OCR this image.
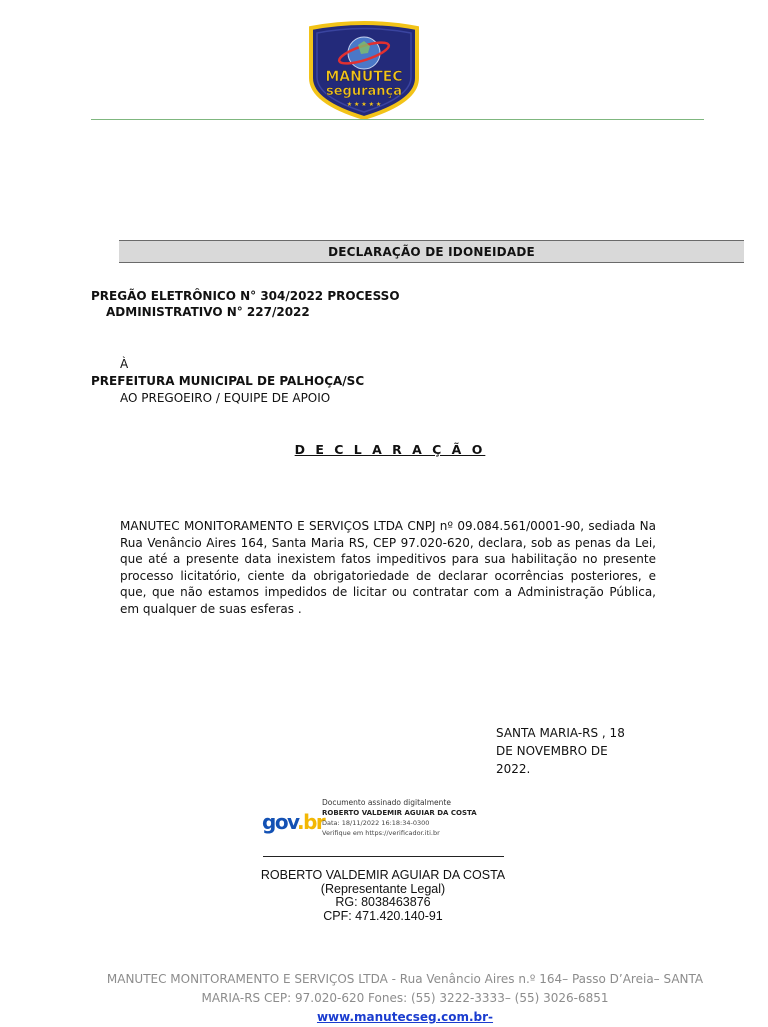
MANUTEC
segurança
★ ★ ★ ★ ★
DECLARAÇÃO DE IDONEIDADE
PREGÃO ELETRÔNICO N° 304/2022 PROCESSO
ADMINISTRATIVO N° 227/2022
À
PREFEITURA MUNICIPAL DE PALHOÇA/SC
AO PREGOEIRO / EQUIPE DE APOIO
D E C L A R A Ç Ã O
MANUTEC MONITORAMENTO E SERVIÇOS LTDA CNPJ nº 09.084.561/0001-90, sediada Na Rua Venâncio Aires 164, Santa Maria RS, CEP 97.020-620, declara, sob as penas da Lei, que até a presente data inexistem fatos impeditivos para sua habilitação no presente processo licitatório, ciente da obrigatoriedade de declarar ocorrências posteriores, e que, que não estamos impedidos de licitar ou contratar com a Administração Pública, em qualquer de suas esferas .
SANTA MARIA-RS , 18
DE NOVEMBRO DE
2022.
gov.br
Documento assinado digitalmente
ROBERTO VALDEMIR AGUIAR DA COSTA
Data: 18/11/2022 16:18:34-0300
Verifique em https://verificador.iti.br
ROBERTO VALDEMIR AGUIAR DA COSTA
(Representante Legal)
RG: 8038463876
CPF: 471.420.140-91
MANUTEC MONITORAMENTO E SERVIÇOS LTDA - Rua Venâncio Aires n.º 164– Passo D’Areia– SANTA
MARIA-RS CEP: 97.020-620 Fones: (55) 3222-3333– (55) 3026-6851
www.manutecseg.com.br-
